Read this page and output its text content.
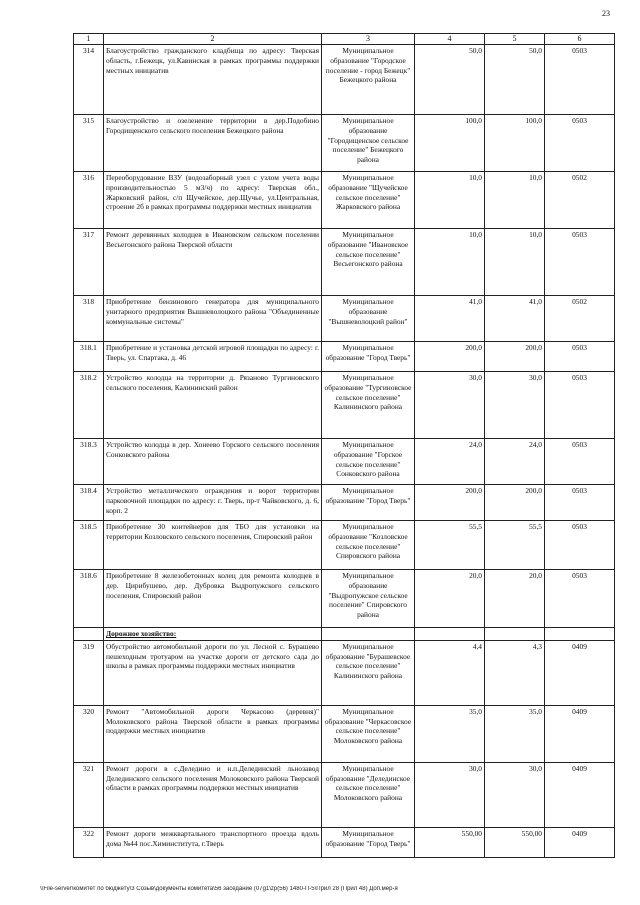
23
1	2	3	4	5	6
314	Благоустройство гражданского кладбища по адресу: Тверская область, г.Бежецк, ул.Кавинская в рамках программы поддержки местных инициатив	Муниципальное образование "Городское поселение - город Бежецк" Бежецкого района	50,0	50,0	0503
315	Благоустройство и озеленение территории в дер.Подобино Городищенского сельского поселения Бежецкого района	Муниципальное образование "Городищенское сельское поселение" Бежецкого района	100,0	100,0	0503
316	Переоборудование ВЗУ (водозаборный узел с узлом учета воды производительностью 5 м3/ч) по адресу: Тверская обл., Жарковский район, с/п Щучейское, дер.Щучье, ул.Центральная, строение 2б в рамках программы поддержки местных инициатив	Муниципальное образование "Щучейское сельское поселение" Жарковского района	10,0	10,0	0502
317	Ремонт деревянных колодцев в Ивановском сельском поселении Весьегонского района Тверской области	Муниципальное образование "Ивановское сельское поселение" Весьегонского района	10,0	10,0	0503
318	Приобретение бензинового генератора для муниципального унитарного предприятия Вышневолоцкого района "Объединенные коммунальные системы"	Муниципальное образование "Вышневолоцкий район"	41,0	41,0	0502
318.1	Приобретение и установка детской игровой площадки по адресу: г. Тверь, ул. Спартака, д. 46	Муниципальное образование "Город Тверь"	200,0	200,0	0503
318.2	Устройство колодца на территории д. Рязаново Тургиновского сельского поселения, Калининский район	Муниципальное образование "Тургиновское сельское поселение" Калининского района	30,0	30,0	0503
318.3	Устройство колодца в дер. Хонеево Горского сельского поселения Сонковского района	Муниципальное образование "Горское сельское поселение" Сонковского района	24,0	24,0	0503
318.4	Устройство металлического ограждения и ворот территории парковочной площадки по адресу: г. Тверь, пр-т Чайковского, д. 6, корп. 2	Муниципальное образование "Город Тверь"	200,0	200,0	0503
318.5	Приобретение 30 контейнеров для ТБО для установки на территории Козловского сельского поселения, Спировский район	Муниципальное образование "Козловское сельское поселение" Спировского района	55,5	55,5	0503
318.6	Приобретение 8 железобетонных колец для ремонта колодцев в дер. Цирибушево, дер. Дубровка Выдропужского сельского поселения, Спировский район	Муниципальное образование "Выдропужское сельское поселение" Спировского района	20,0	20,0	0503
	Дорожное хозяйство:				
319	Обустройство автомобильной дороги по ул. Лесной с. Бурашево пешеходным тротуаром на участке дороги от детского сада до школы в рамках программы поддержки местных инициатив	Муниципальное образование "Бурашевское сельское поселение" Калининского района	4,4	4,3	0409
320	Ремонт "Автомобильной дороги Черкасово (деревня)" Молоковского района Тверской области в рамках программы поддержки местных инициатив	Муниципальное образование "Черкасовское сельское поселение" Молоковского района	35,0	35,0	0409
321	Ремонт дороги в с.Деледино и н.п.Делединский льнозавод Делединского сельского поселения Молоковского района Тверской области в рамках программы поддержки местных инициатив	Муниципальное образование "Делединское сельское поселение" Молоковского района	30,0	30,0	0409
322	Ремонт дороги межквартального транспортного проезда вдоль дома №44 пос.Химинститута, г.Тверь	Муниципальное образование "Город Тверь"	550,00	550,00	0409
\\File-server\комитет по бюджету\3 Созыв\документы комитета\56 заседание (07g1\zp(56) 1480-П-5\Прил 28 (Прил 48) Доп.мер-я
